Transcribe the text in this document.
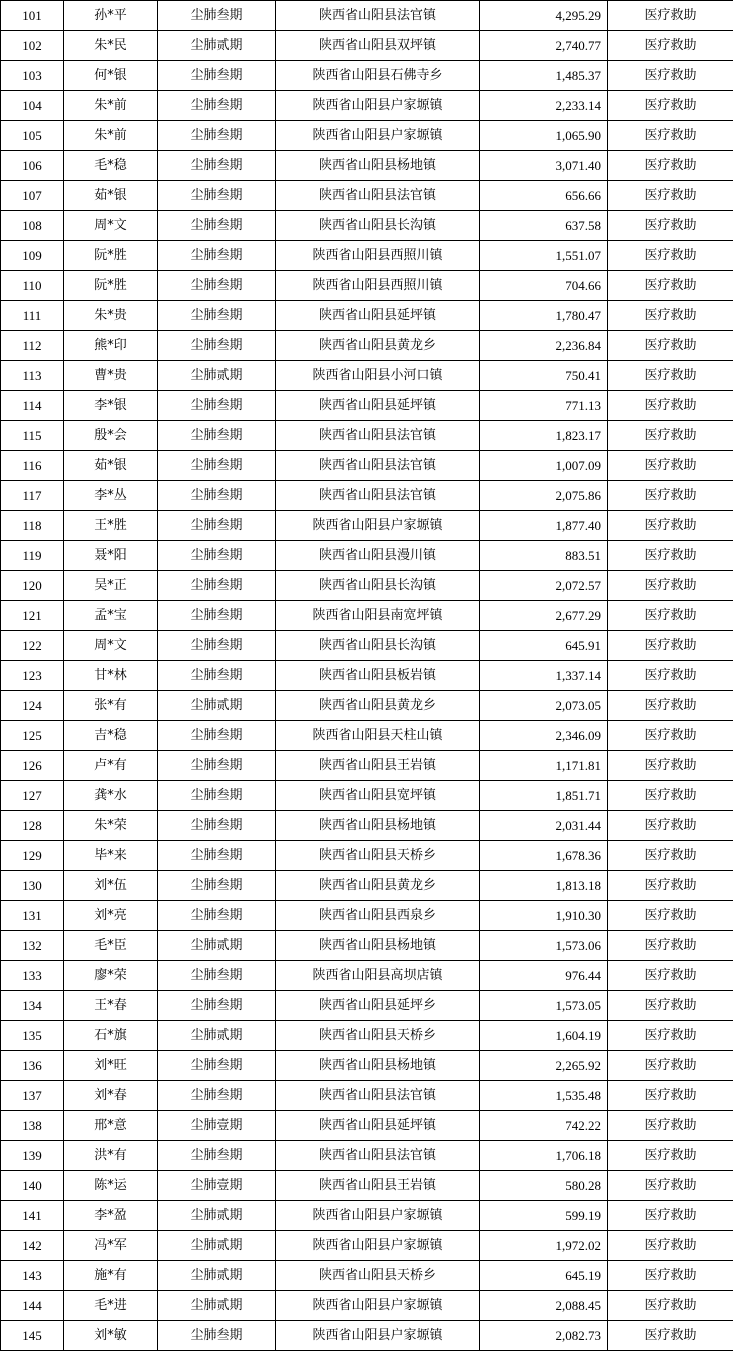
101	孙*平	尘肺叁期	陕西省山阳县法官镇	4,295.29	医疗救助
102	朱*民	尘肺贰期	陕西省山阳县双坪镇	2,740.77	医疗救助
103	何*银	尘肺叁期	陕西省山阳县石佛寺乡	1,485.37	医疗救助
104	朱*前	尘肺叁期	陕西省山阳县户家塬镇	2,233.14	医疗救助
105	朱*前	尘肺叁期	陕西省山阳县户家塬镇	1,065.90	医疗救助
106	毛*稳	尘肺叁期	陕西省山阳县杨地镇	3,071.40	医疗救助
107	茹*银	尘肺叁期	陕西省山阳县法官镇	656.66	医疗救助
108	周*文	尘肺叁期	陕西省山阳县长沟镇	637.58	医疗救助
109	阮*胜	尘肺叁期	陕西省山阳县西照川镇	1,551.07	医疗救助
110	阮*胜	尘肺叁期	陕西省山阳县西照川镇	704.66	医疗救助
111	朱*贵	尘肺叁期	陕西省山阳县延坪镇	1,780.47	医疗救助
112	熊*印	尘肺叁期	陕西省山阳县黄龙乡	2,236.84	医疗救助
113	曹*贵	尘肺贰期	陕西省山阳县小河口镇	750.41	医疗救助
114	李*银	尘肺叁期	陕西省山阳县延坪镇	771.13	医疗救助
115	殷*会	尘肺叁期	陕西省山阳县法官镇	1,823.17	医疗救助
116	茹*银	尘肺叁期	陕西省山阳县法官镇	1,007.09	医疗救助
117	李*丛	尘肺叁期	陕西省山阳县法官镇	2,075.86	医疗救助
118	王*胜	尘肺叁期	陕西省山阳县户家塬镇	1,877.40	医疗救助
119	聂*阳	尘肺叁期	陕西省山阳县漫川镇	883.51	医疗救助
120	吴*正	尘肺叁期	陕西省山阳县长沟镇	2,072.57	医疗救助
121	孟*宝	尘肺叁期	陕西省山阳县南宽坪镇	2,677.29	医疗救助
122	周*文	尘肺叁期	陕西省山阳县长沟镇	645.91	医疗救助
123	甘*林	尘肺叁期	陕西省山阳县板岩镇	1,337.14	医疗救助
124	张*有	尘肺贰期	陕西省山阳县黄龙乡	2,073.05	医疗救助
125	吉*稳	尘肺叁期	陕西省山阳县天柱山镇	2,346.09	医疗救助
126	卢*有	尘肺叁期	陕西省山阳县王岩镇	1,171.81	医疗救助
127	龚*水	尘肺叁期	陕西省山阳县宽坪镇	1,851.71	医疗救助
128	朱*荣	尘肺叁期	陕西省山阳县杨地镇	2,031.44	医疗救助
129	毕*来	尘肺叁期	陕西省山阳县天桥乡	1,678.36	医疗救助
130	刘*伍	尘肺叁期	陕西省山阳县黄龙乡	1,813.18	医疗救助
131	刘*亮	尘肺叁期	陕西省山阳县西泉乡	1,910.30	医疗救助
132	毛*臣	尘肺贰期	陕西省山阳县杨地镇	1,573.06	医疗救助
133	廖*荣	尘肺叁期	陕西省山阳县高坝店镇	976.44	医疗救助
134	王*春	尘肺叁期	陕西省山阳县延坪乡	1,573.05	医疗救助
135	石*旗	尘肺贰期	陕西省山阳县天桥乡	1,604.19	医疗救助
136	刘*旺	尘肺叁期	陕西省山阳县杨地镇	2,265.92	医疗救助
137	刘*春	尘肺叁期	陕西省山阳县法官镇	1,535.48	医疗救助
138	邢*意	尘肺壹期	陕西省山阳县延坪镇	742.22	医疗救助
139	洪*有	尘肺叁期	陕西省山阳县法官镇	1,706.18	医疗救助
140	陈*运	尘肺壹期	陕西省山阳县王岩镇	580.28	医疗救助
141	李*盈	尘肺贰期	陕西省山阳县户家塬镇	599.19	医疗救助
142	冯*军	尘肺贰期	陕西省山阳县户家塬镇	1,972.02	医疗救助
143	施*有	尘肺贰期	陕西省山阳县天桥乡	645.19	医疗救助
144	毛*进	尘肺贰期	陕西省山阳县户家塬镇	2,088.45	医疗救助
145	刘*敏	尘肺叁期	陕西省山阳县户家塬镇	2,082.73	医疗救助
